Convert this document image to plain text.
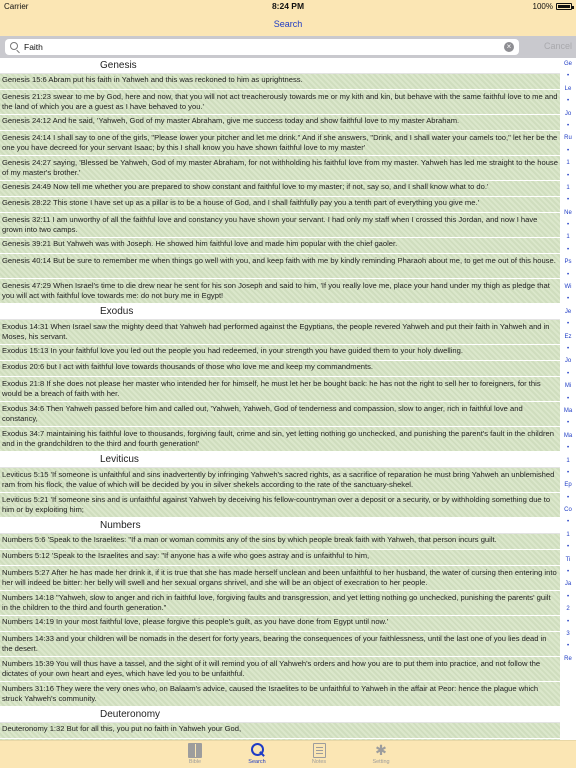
Carrier	8:24 PM	100%
Search
Faith
×	Cancel
Genesis
Genesis 15:6 Abram put his faith in Yahweh and this was reckoned to him as uprightness.
Genesis 21:23 swear to me by God, here and now, that you will not act treacherously towards me or my kith and kin, but behave with the same faithful love to me and the land of which you are a guest as I have behaved to you.'
Genesis 24:12 And he said, 'Yahweh, God of my master Abraham, give me success today and show faithful love to my master Abraham.
Genesis 24:14 I shall say to one of the girls, "Please lower your pitcher and let me drink." And if she answers, "Drink, and I shall water your camels too," let her be the one you have decreed for your servant Isaac; by this I shall know you have shown faithful love to my master'
Genesis 24:27 saying, 'Blessed be Yahweh, God of my master Abraham, for not withholding his faithful love from my master. Yahweh has led me straight to the house of my master's brother.'
Genesis 24:49 Now tell me whether you are prepared to show constant and faithful love to my master; if not, say so, and I shall know what to do.'
Genesis 28:22 This stone I have set up as a pillar is to be a house of God, and I shall faithfully pay you a tenth part of everything you give me.'
Genesis 32:11 I am unworthy of all the faithful love and constancy you have shown your servant. I had only my staff when I crossed this Jordan, and now I have grown into two camps.
Genesis 39:21 But Yahweh was with Joseph. He showed him faithful love and made him popular with the chief gaoler.
Genesis 40:14 But be sure to remember me when things go well with you, and keep faith with me by kindly reminding Pharaoh about me, to get me out of this house.
Genesis 47:29 When Israel's time to die drew near he sent for his son Joseph and said to him, 'If you really love me, place your hand under my thigh as pledge that you will act with faithful love towards me: do not bury me in Egypt!
Exodus
Exodus 14:31 When Israel saw the mighty deed that Yahweh had performed against the Egyptians, the people revered Yahweh and put their faith in Yahweh and in Moses, his servant.
Exodus 15:13 In your faithful love you led out the people you had redeemed, in your strength you have guided them to your holy dwelling.
Exodus 20:6 but I act with faithful love towards thousands of those who love me and keep my commandments.
Exodus 21:8 If she does not please her master who intended her for himself, he must let her be bought back: he has not the right to sell her to foreigners, for this would be a breach of faith with her.
Exodus 34:6 Then Yahweh passed before him and called out, 'Yahweh, Yahweh, God of tenderness and compassion, slow to anger, rich in faithful love and constancy,
Exodus 34:7 maintaining his faithful love to thousands, forgiving fault, crime and sin, yet letting nothing go unchecked, and punishing the parent's fault in the children and in the grandchildren to the third and fourth generation!'
Leviticus
Leviticus 5:15 'If someone is unfaithful and sins inadvertently by infringing Yahweh's sacred rights, as a sacrifice of reparation he must bring Yahweh an unblemished ram from his flock, the value of which will be decided by you in silver shekels according to the rate of the sanctuary-shekel.
Leviticus 5:21 'If someone sins and is unfaithful against Yahweh by deceiving his fellow-countryman over a deposit or a security, or by withholding something due to him or by exploiting him;
Numbers
Numbers 5:6 'Speak to the Israelites: "If a man or woman commits any of the sins by which people break faith with Yahweh, that person incurs guilt.
Numbers 5:12 'Speak to the Israelites and say: "If anyone has a wife who goes astray and is unfaithful to him,
Numbers 5:27 After he has made her drink it, if it is true that she has made herself unclean and been unfaithful to her husband, the water of cursing then entering into her will indeed be bitter: her belly will swell and her sexual organs shrivel, and she will be an object of execration to her people.
Numbers 14:18 "Yahweh, slow to anger and rich in faithful love, forgiving faults and transgression, and yet letting nothing go unchecked, punishing the parents' guilt in the children to the third and fourth generation."
Numbers 14:19 In your most faithful love, please forgive this people's guilt, as you have done from Egypt until now.'
Numbers 14:33 and your children will be nomads in the desert for forty years, bearing the consequences of your faithlessness, until the last one of you lies dead in the desert.
Numbers 15:39 You will thus have a tassel, and the sight of it will remind you of all Yahweh's orders and how you are to put them into practice, and not follow the dictates of your own heart and eyes, which have led you to be unfaithful.
Numbers 31:16 They were the very ones who, on Balaam's advice, caused the Israelites to be unfaithful to Yahweh in the affair at Peor: hence the plague which struck Yahweh's community.
Deuteronomy
Deuteronomy 1:32 But for all this, you put no faith in Yahweh your God,
Ge
•
Le
•
Jo
•
Ru
•
1
•
1
•
Ne
•
1
•
Ps
•
Wi
•
Je
•
Ez
•
Jo
•
Mi
•
Ma
•
Ma
•
1
•
Ep
•
Co
•
1
•
Ti
•
Ja
•
2
•
3
•
Re
Bible	Search	Notes
✱
Setting
